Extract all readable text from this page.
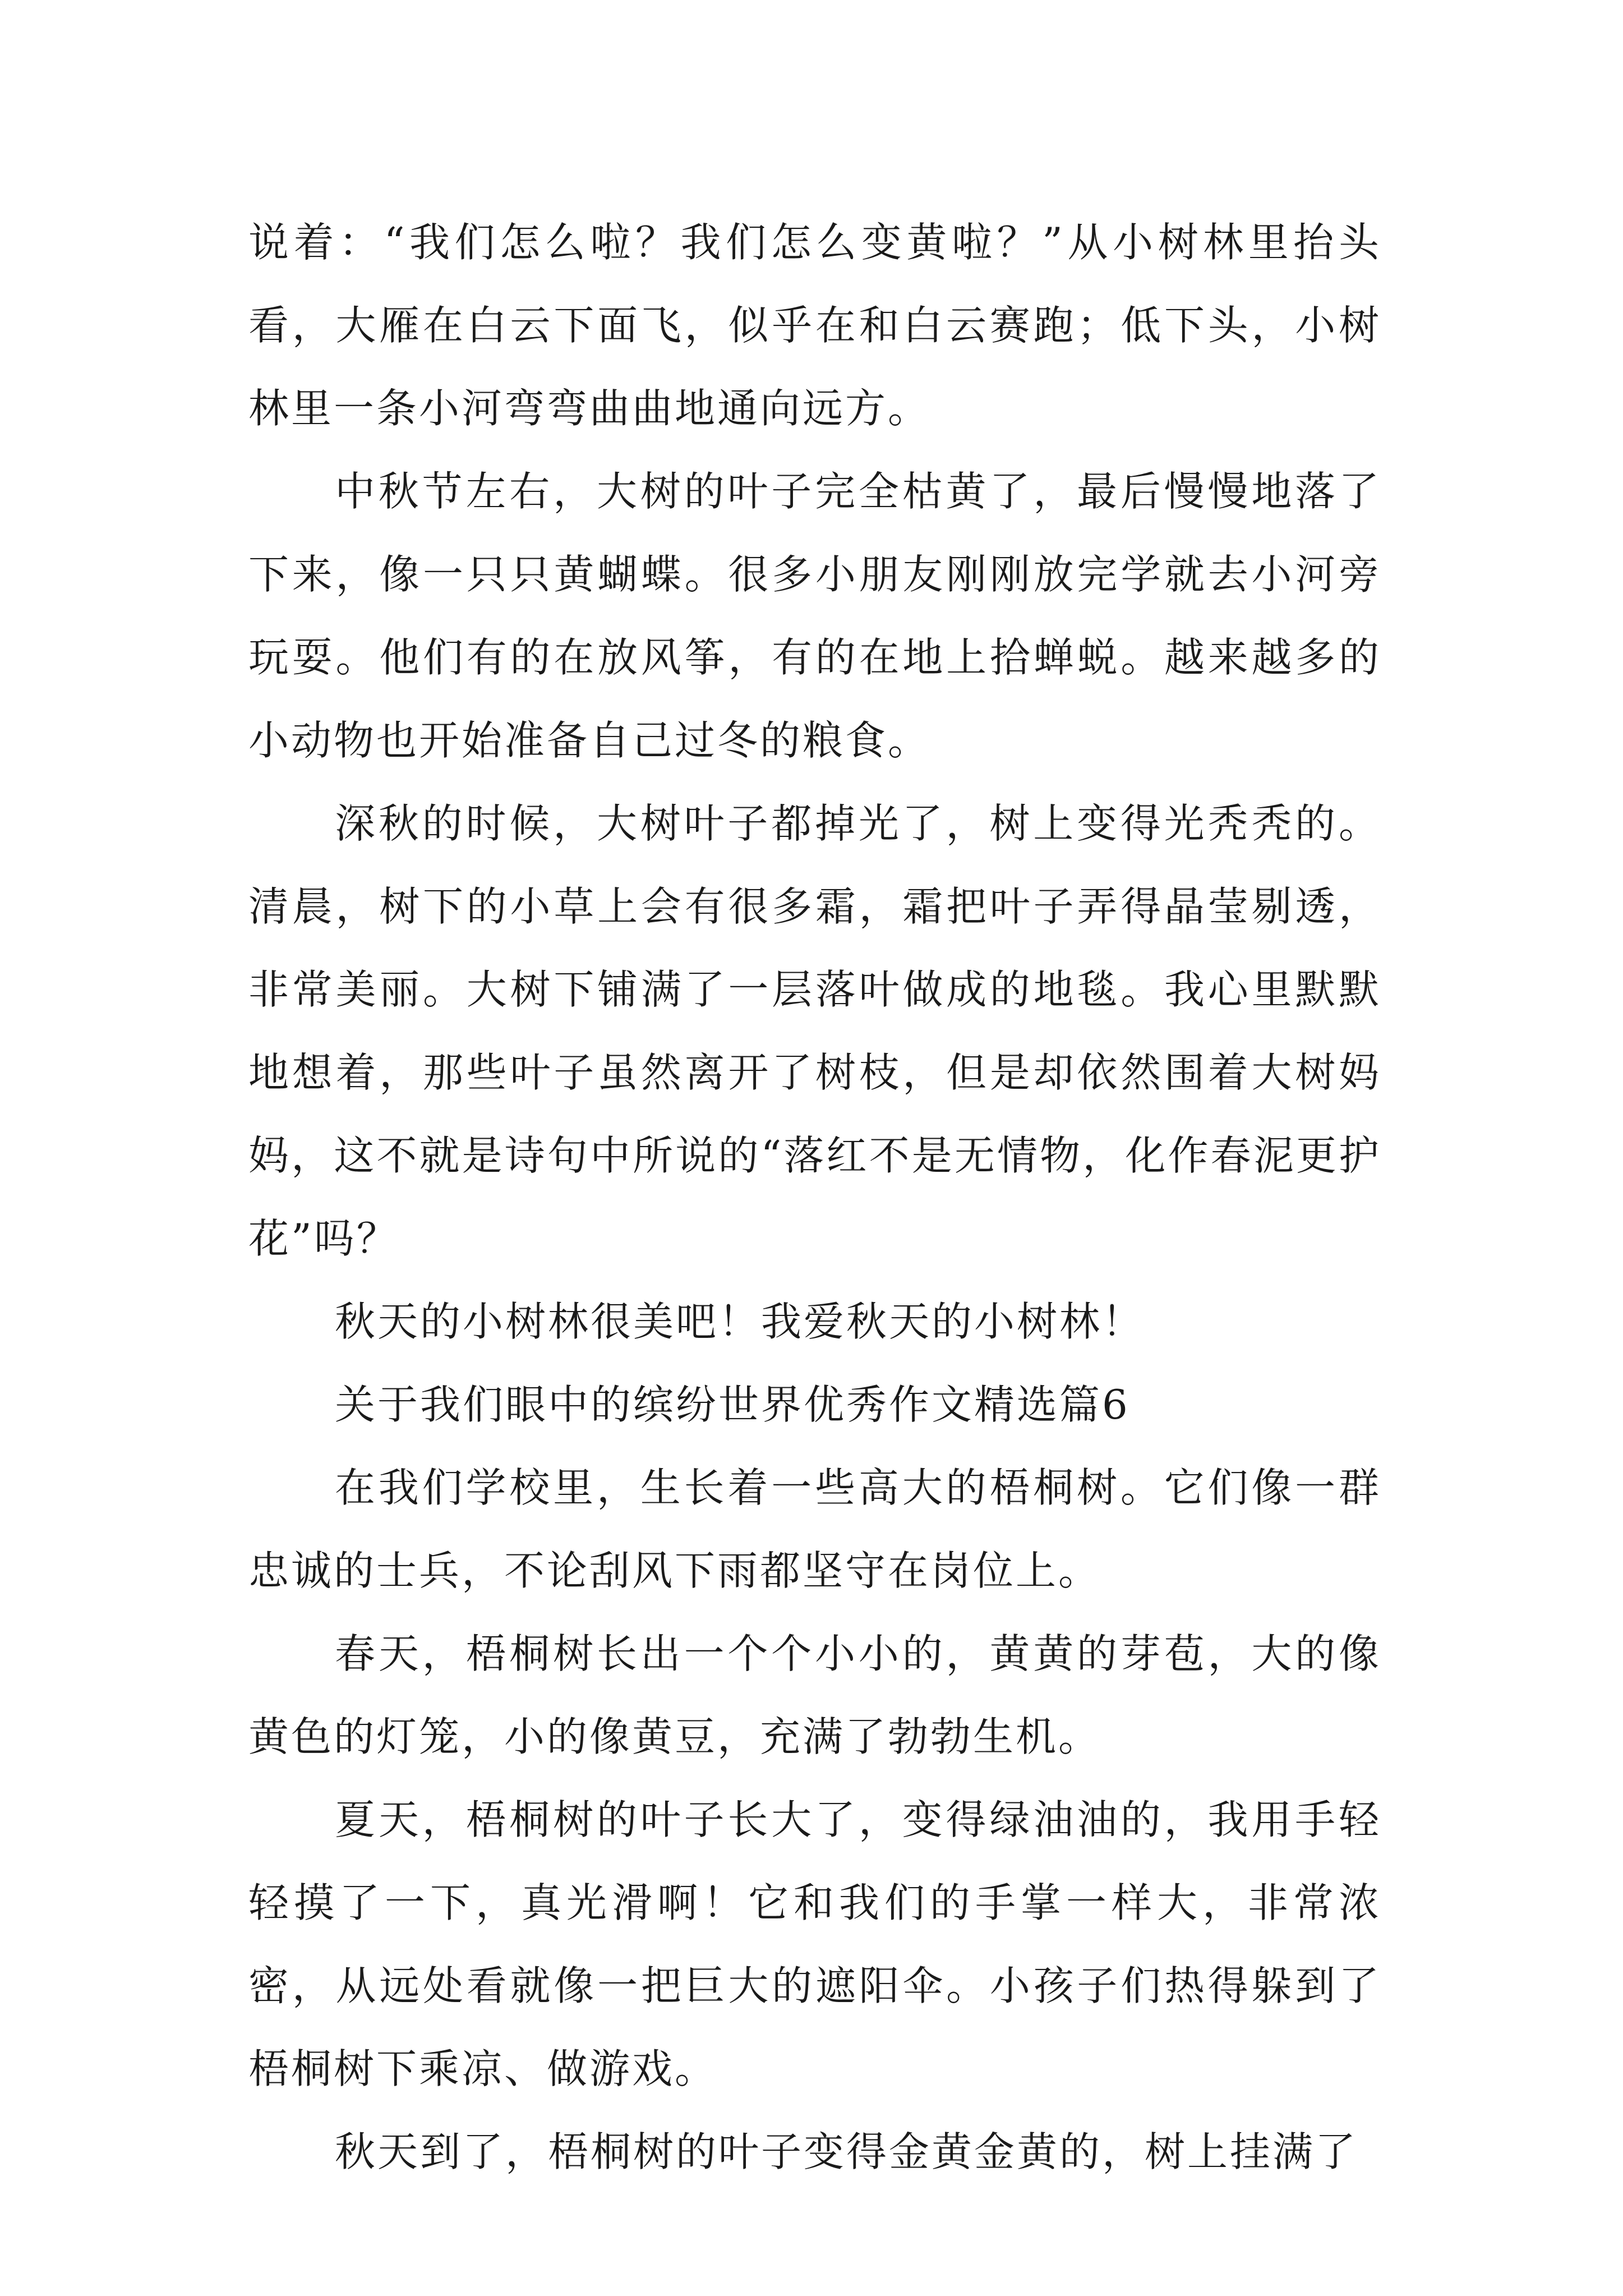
说着：“我们怎么啦？我们怎么变黄啦？”从小树林里抬头看，大雁在白云下面飞，似乎在和白云赛跑；低下头，小树林里一条小河弯弯曲曲地通向远方。

中秋节左右，大树的叶子完全枯黄了，最后慢慢地落了下来，像一只只黄蝴蝶。很多小朋友刚刚放完学就去小河旁玩耍。他们有的在放风筝，有的在地上拾蝉蜕。越来越多的小动物也开始准备自己过冬的粮食。

深秋的时候，大树叶子都掉光了，树上变得光秃秃的。清晨，树下的小草上会有很多霜，霜把叶子弄得晶莹剔透，非常美丽。大树下铺满了一层落叶做成的地毯。我心里默默地想着，那些叶子虽然离开了树枝，但是却依然围着大树妈妈，这不就是诗句中所说的“落红不是无情物，化作春泥更护花”吗？

秋天的小树林很美吧！我爱秋天的小树林！

关于我们眼中的缤纷世界优秀作文精选篇6

在我们学校里，生长着一些高大的梧桐树。它们像一群忠诚的士兵，不论刮风下雨都坚守在岗位上。

春天，梧桐树长出一个个小小的，黄黄的芽苞，大的像黄色的灯笼，小的像黄豆，充满了勃勃生机。

夏天，梧桐树的叶子长大了，变得绿油油的，我用手轻轻摸了一下，真光滑啊！它和我们的手掌一样大，非常浓密，从远处看就像一把巨大的遮阳伞。小孩子们热得躲到了梧桐树下乘凉、做游戏。

秋天到了，梧桐树的叶子变得金黄金黄的，树上挂满了
